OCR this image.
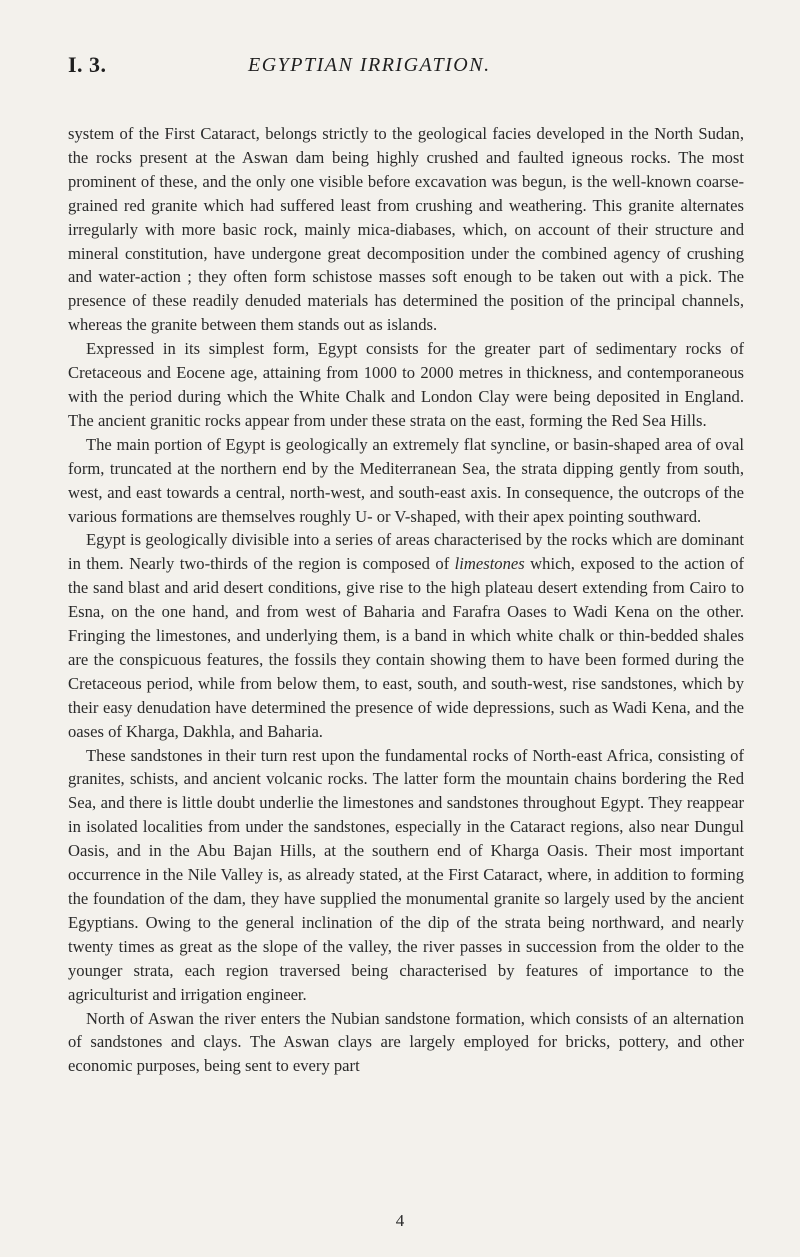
I. 3.	EGYPTIAN IRRIGATION.

system of the First Cataract, belongs strictly to the geological facies developed in the North Sudan, the rocks present at the Aswan dam being highly crushed and faulted igneous rocks. The most prominent of these, and the only one visible before excavation was begun, is the well-known coarse-grained red granite which had suffered least from crushing and weathering. This granite alternates irregularly with more basic rock, mainly mica-diabases, which, on account of their structure and mineral constitution, have undergone great decomposition under the combined agency of crushing and water-action ; they often form schistose masses soft enough to be taken out with a pick. The presence of these readily denuded materials has determined the position of the principal channels, whereas the granite between them stands out as islands.

Expressed in its simplest form, Egypt consists for the greater part of sedimentary rocks of Cretaceous and Eocene age, attaining from 1000 to 2000 metres in thickness, and contemporaneous with the period during which the White Chalk and London Clay were being deposited in England. The ancient granitic rocks appear from under these strata on the east, forming the Red Sea Hills.

The main portion of Egypt is geologically an extremely flat syncline, or basin-shaped area of oval form, truncated at the northern end by the Mediterranean Sea, the strata dipping gently from south, west, and east towards a central, north-west, and south-east axis. In consequence, the outcrops of the various formations are themselves roughly U- or V-shaped, with their apex pointing southward.

Egypt is geologically divisible into a series of areas characterised by the rocks which are dominant in them. Nearly two-thirds of the region is composed of limestones which, exposed to the action of the sand blast and arid desert conditions, give rise to the high plateau desert extending from Cairo to Esna, on the one hand, and from west of Baharia and Farafra Oases to Wadi Kena on the other. Fringing the limestones, and underlying them, is a band in which white chalk or thin-bedded shales are the conspicuous features, the fossils they contain showing them to have been formed during the Cretaceous period, while from below them, to east, south, and south-west, rise sandstones, which by their easy denudation have determined the presence of wide depressions, such as Wadi Kena, and the oases of Kharga, Dakhla, and Baharia.

These sandstones in their turn rest upon the fundamental rocks of North-east Africa, consisting of granites, schists, and ancient volcanic rocks. The latter form the mountain chains bordering the Red Sea, and there is little doubt underlie the limestones and sandstones throughout Egypt. They reappear in isolated localities from under the sandstones, especially in the Cataract regions, also near Dungul Oasis, and in the Abu Bajan Hills, at the southern end of Kharga Oasis. Their most important occurrence in the Nile Valley is, as already stated, at the First Cataract, where, in addition to forming the foundation of the dam, they have supplied the monumental granite so largely used by the ancient Egyptians. Owing to the general inclination of the dip of the strata being northward, and nearly twenty times as great as the slope of the valley, the river passes in succession from the older to the younger strata, each region traversed being characterised by features of importance to the agriculturist and irrigation engineer.

North of Aswan the river enters the Nubian sandstone formation, which consists of an alternation of sandstones and clays. The Aswan clays are largely employed for bricks, pottery, and other economic purposes, being sent to every part

4
